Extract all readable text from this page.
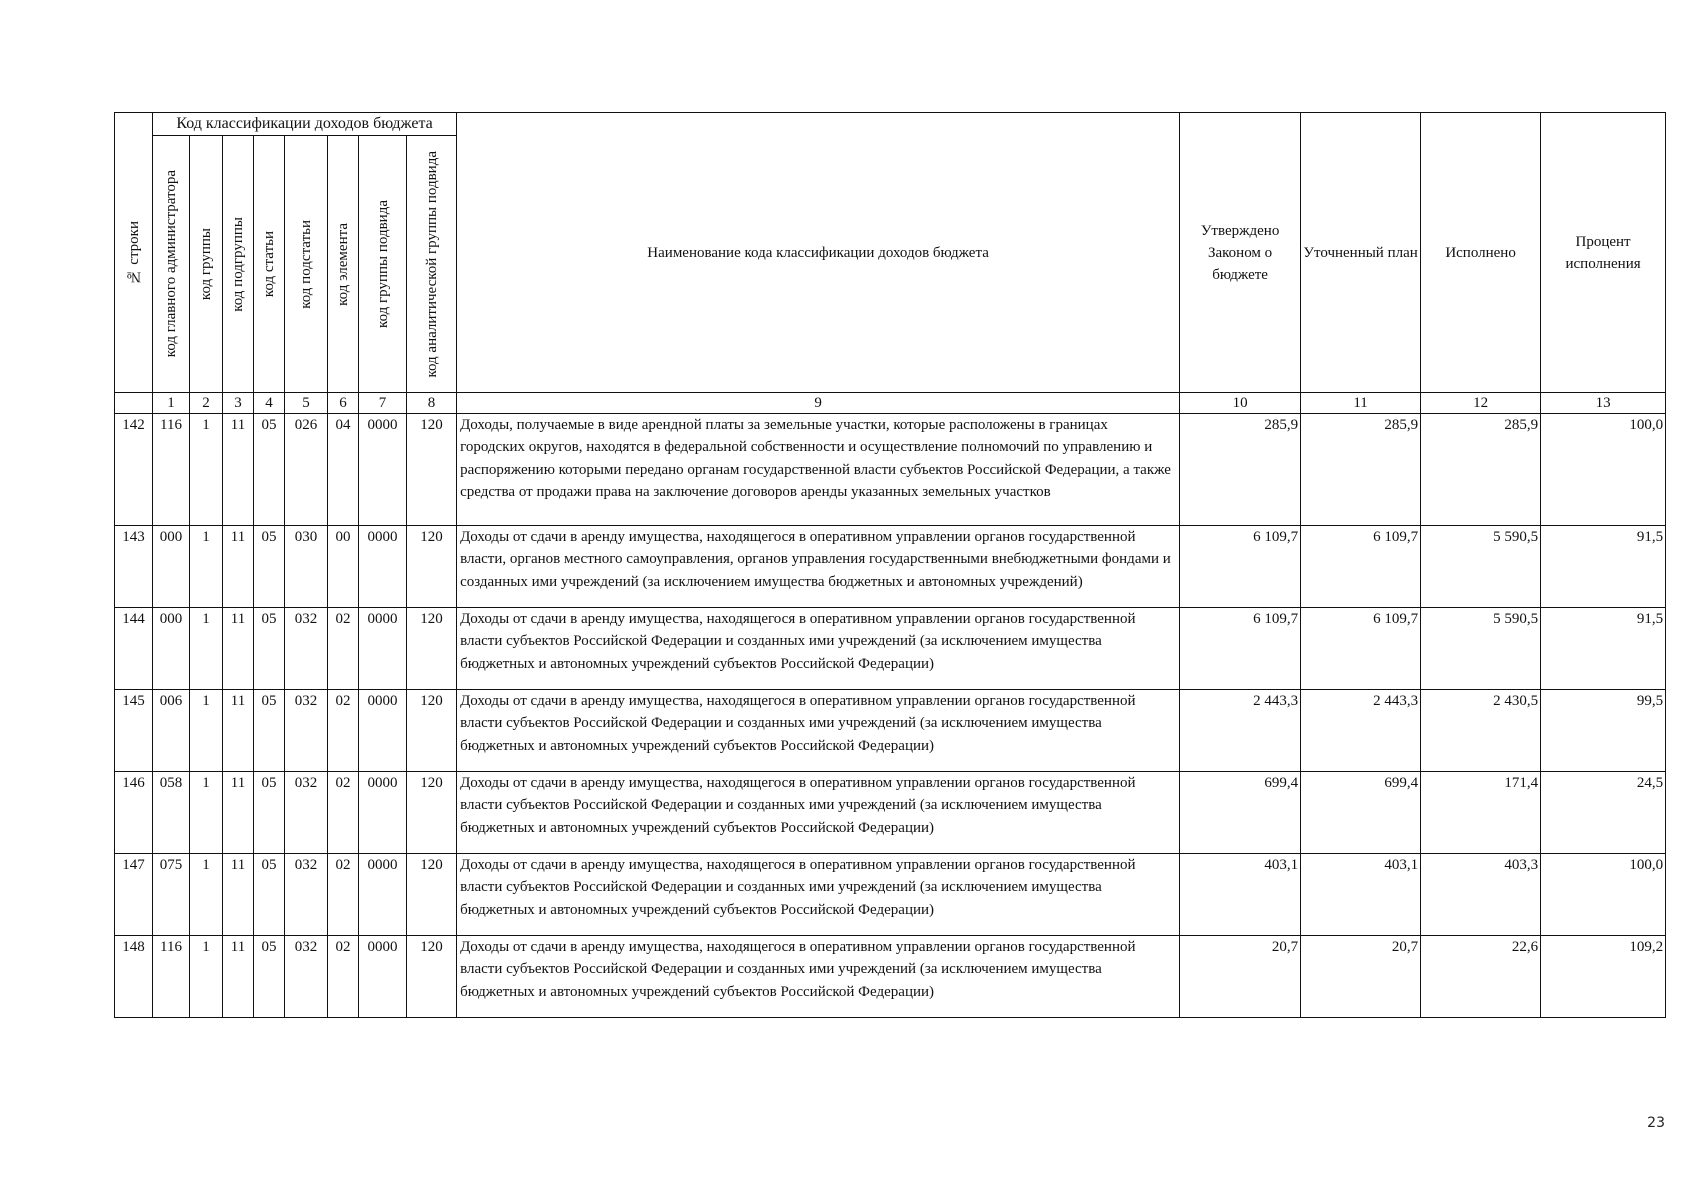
№ строки	Код классификации доходов бюджета								Наименование кода классификации доходов бюджета	Утверждено Законом о бюджете	Уточненный план	Исполнено	Процент исполнения

	код главного администратора	код группы	код подгруппы	код статьи	код подстатьи	код элемента	код группы подвида	код аналитической группы подвида					

	1	2	3	4	5	6	7	8	9	10	11	12	13
142	116	1	11	05	026	04	0000	120	Доходы, получаемые в виде арендной платы за земельные участки, которые расположены в границах городских округов, находятся в федеральной собственности и осуществление полномочий по управлению и распоряжению которыми передано органам государственной власти субъектов Российской Федерации, а также средства от продажи права на заключение договоров аренды указанных земельных участков	285,9	285,9	285,9	100,0
143	000	1	11	05	030	00	0000	120	Доходы от сдачи в аренду имущества, находящегося в оперативном управлении органов государственной власти, органов местного самоуправления, органов управления государственными внебюджетными фондами и созданных ими учреждений (за исключением имущества бюджетных и автономных учреждений)	6 109,7	6 109,7	5 590,5	91,5
144	000	1	11	05	032	02	0000	120	Доходы от сдачи в аренду имущества, находящегося в оперативном управлении органов государственной власти субъектов Российской Федерации и созданных ими учреждений (за исключением имущества бюджетных и автономных учреждений субъектов Российской Федерации)	6 109,7	6 109,7	5 590,5	91,5
145	006	1	11	05	032	02	0000	120	Доходы от сдачи в аренду имущества, находящегося в оперативном управлении органов государственной власти субъектов Российской Федерации и созданных ими учреждений (за исключением имущества бюджетных и автономных учреждений субъектов Российской Федерации)	2 443,3	2 443,3	2 430,5	99,5
146	058	1	11	05	032	02	0000	120	Доходы от сдачи в аренду имущества, находящегося в оперативном управлении органов государственной власти субъектов Российской Федерации и созданных ими учреждений (за исключением имущества бюджетных и автономных учреждений субъектов Российской Федерации)	699,4	699,4	171,4	24,5
147	075	1	11	05	032	02	0000	120	Доходы от сдачи в аренду имущества, находящегося в оперативном управлении органов государственной власти субъектов Российской Федерации и созданных ими учреждений (за исключением имущества бюджетных и автономных учреждений субъектов Российской Федерации)	403,1	403,1	403,3	100,0
148	116	1	11	05	032	02	0000	120	Доходы от сдачи в аренду имущества, находящегося в оперативном управлении органов государственной власти субъектов Российской Федерации и созданных ими учреждений (за исключением имущества бюджетных и автономных учреждений субъектов Российской Федерации)	20,7	20,7	22,6	109,2
23
